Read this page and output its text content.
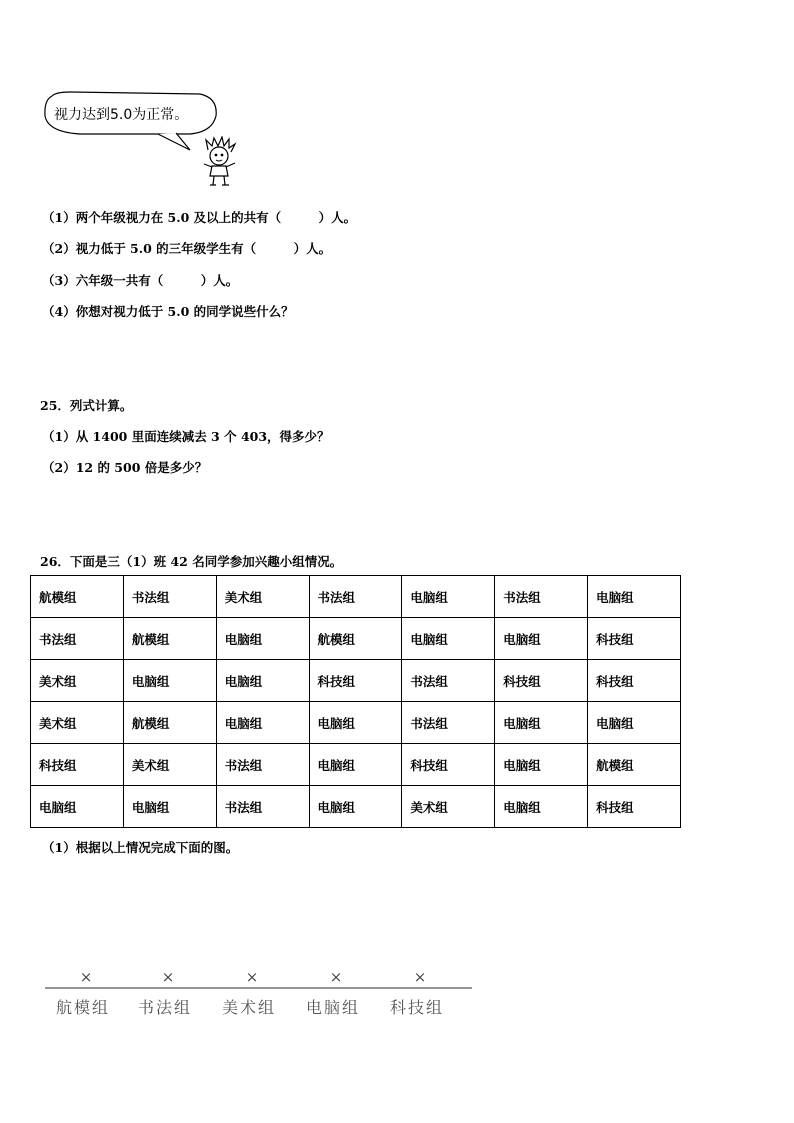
视力达到5.0为正常。
（1）两个年级视力在 5.0 及以上的共有（　　　）人。
（2）视力低于 5.0 的三年级学生有（　　　）人。
（3）六年级一共有（　　　）人。
（4）你想对视力低于 5.0 的同学说些什么？
25．列式计算。
（1）从 1400 里面连续减去 3 个 403，得多少？
（2）12 的 500 倍是多少？
26．下面是三（1）班 42 名同学参加兴趣小组情况。
航模组	书法组	美术组	书法组	电脑组	书法组	电脑组
书法组	航模组	电脑组	航模组	电脑组	电脑组	科技组
美术组	电脑组	电脑组	科技组	书法组	科技组	科技组
美术组	航模组	电脑组	电脑组	书法组	电脑组	电脑组
科技组	美术组	书法组	电脑组	科技组	电脑组	航模组
电脑组	电脑组	书法组	电脑组	美术组	电脑组	科技组
（1）根据以上情况完成下面的图。
×	×	×	×	×
航模组 书法组 美术组 电脑组 科技组
